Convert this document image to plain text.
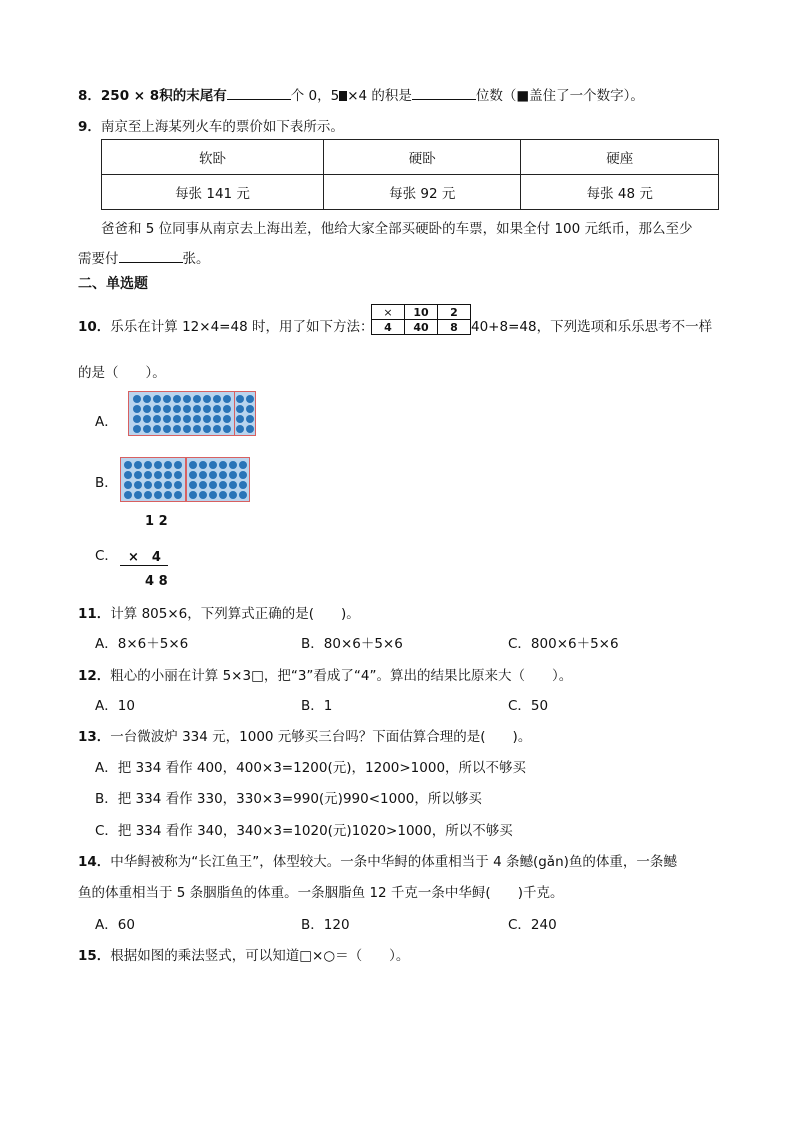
8．250 × 8积的末尾有	个 0，5 ×4 的积是	位数（■盖住了一个数字）。
9．南京至上海某列火车的票价如下表所示。
软卧	硬卧	硬座
每张 141 元	每张 92 元	每张 48 元
爸爸和 5 位同事从南京去上海出差，他给大家全部买硬卧的车票，如果全付 100 元纸币，那么至少
需要付	张。
二、单选题
10．乐乐在计算 12×4=48 时，用了如下方法：
×	10	2
4	40	8 40+8=48，下列选项和乐乐思考不一样
的是（　　）。
A．
B．
C．
1 2
×　4
4 8
11．计算 805×6，下列算式正确的是(　　)。
A．8×6＋5×6	B．80×6＋5×6	C．800×6＋5×6
12．粗心的小丽在计算 5×3□，把“3”看成了“4”。算出的结果比原来大（　　）。
A．10	B．1	C．50
13．一台微波炉 334 元，1000 元够买三台吗？下面估算合理的是(　　)。
A．把 334 看作 400，400×3=1200(元)，1200>1000，所以不够买
B．把 334 看作 330，330×3=990(元)990<1000，所以够买
C．把 334 看作 340，340×3=1020(元)1020>1000，所以不够买
14．中华鲟被称为“长江鱼王”，体型较大。一条中华鲟的体重相当于 4 条鳡(gǎn)鱼的体重，一条鳡
鱼的体重相当于 5 条胭脂鱼的体重。一条胭脂鱼 12 千克一条中华鲟(　　)千克。
A．60	B．120	C．240
15．根据如图的乘法竖式，可以知道□×○＝（　　）。
